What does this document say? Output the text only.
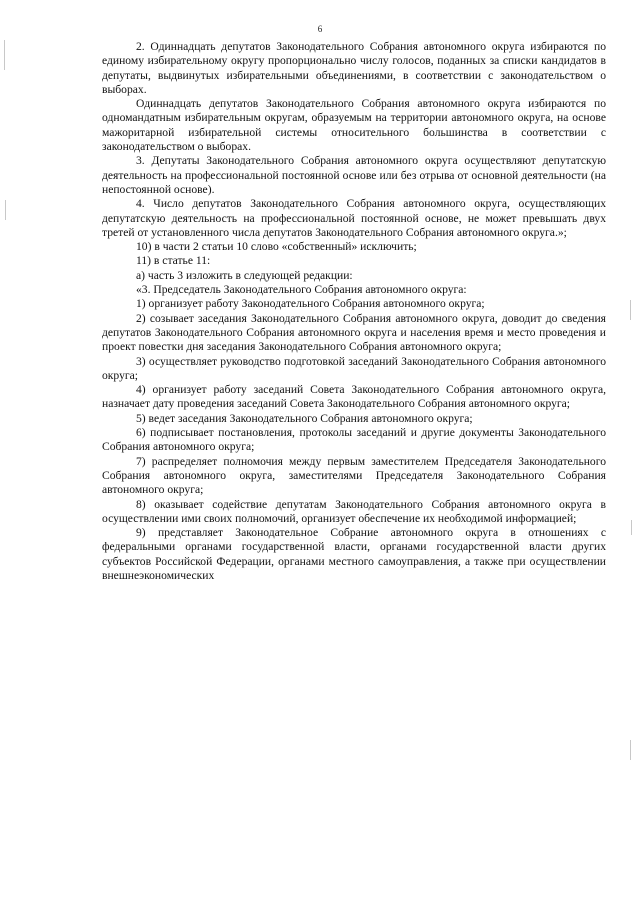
6

2. Одиннадцать депутатов Законодательного Собрания автономного округа избираются по единому избирательному округу пропорционально числу голосов, поданных за списки кандидатов в депутаты, выдвинутых избирательными объединениями, в соответствии с законодательством о выборах.

Одиннадцать депутатов Законодательного Собрания автономного округа избираются по одномандатным избирательным округам, образуемым на территории автономного округа, на основе мажоритарной избирательной системы относительного большинства в соответствии с законодательством о выборах.

3. Депутаты Законодательного Собрания автономного округа осуществляют депутатскую деятельность на профессиональной постоянной основе или без отрыва от основной деятельности (на непостоянной основе).

4. Число депутатов Законодательного Собрания автономного округа, осуществляющих депутатскую деятельность на профессиональной постоянной основе, не может превышать двух третей от установленного числа депутатов Законодательного Собрания автономного округа.»;

10) в части 2 статьи 10 слово «собственный» исключить;

11) в статье 11:

а) часть 3 изложить в следующей редакции:

«3. Председатель Законодательного Собрания автономного округа:

1) организует работу Законодательного Собрания автономного округа;

2) созывает заседания Законодательного Собрания автономного округа, доводит до сведения депутатов Законодательного Собрания автономного округа и населения время и место проведения и проект повестки дня заседания Законодательного Собрания автономного округа;

3) осуществляет руководство подготовкой заседаний Законодательного Собрания автономного округа;

4) организует работу заседаний Совета Законодательного Собрания автономного округа, назначает дату проведения заседаний Совета Законодательного Собрания автономного округа;

5) ведет заседания Законодательного Собрания автономного округа;

6) подписывает постановления, протоколы заседаний и другие документы Законодательного Собрания автономного округа;

7) распределяет полномочия между первым заместителем Председателя Законодательного Собрания автономного округа, заместителями Председателя Законодательного Собрания автономного округа;

8) оказывает содействие депутатам Законодательного Собрания автономного округа в осуществлении ими своих полномочий, организует обеспечение их необходимой информацией;

9) представляет Законодательное Собрание автономного округа в отношениях с федеральными органами государственной власти, органами государственной власти других субъектов Российской Федерации, органами местного самоуправления, а также при осуществлении внешнеэкономических
